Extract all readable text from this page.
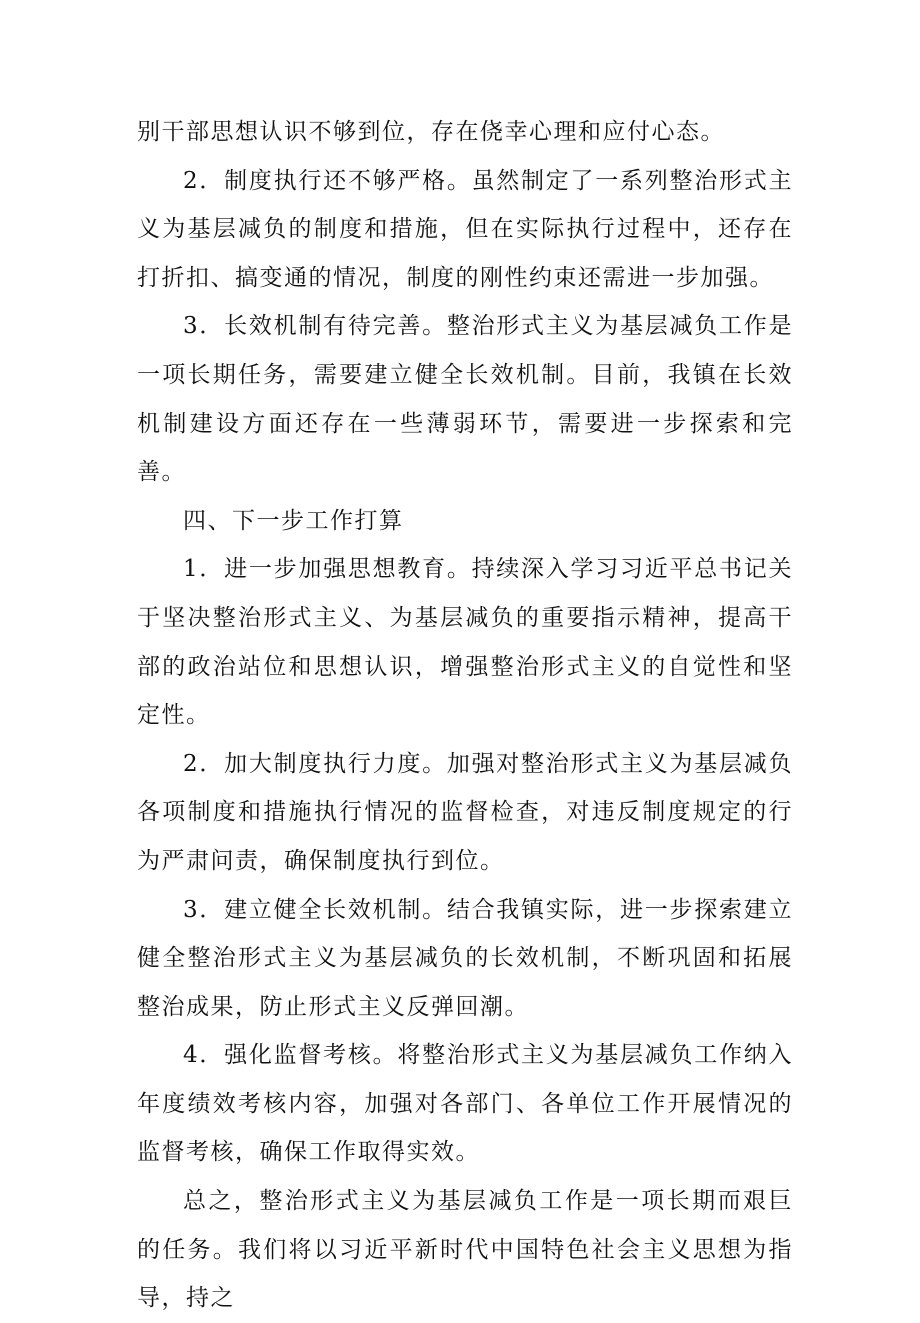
别干部思想认识不够到位，存在侥幸心理和应付心态。

2．制度执行还不够严格。虽然制定了一系列整治形式主义为基层减负的制度和措施，但在实际执行过程中，还存在打折扣、搞变通的情况，制度的刚性约束还需进一步加强。

3．长效机制有待完善。整治形式主义为基层减负工作是一项长期任务，需要建立健全长效机制。目前，我镇在长效机制建设方面还存在一些薄弱环节，需要进一步探索和完善。

四、下一步工作打算

1．进一步加强思想教育。持续深入学习习近平总书记关于坚决整治形式主义、为基层减负的重要指示精神，提高干部的政治站位和思想认识，增强整治形式主义的自觉性和坚定性。

2．加大制度执行力度。加强对整治形式主义为基层减负各项制度和措施执行情况的监督检查，对违反制度规定的行为严肃问责，确保制度执行到位。

3．建立健全长效机制。结合我镇实际，进一步探索建立健全整治形式主义为基层减负的长效机制，不断巩固和拓展整治成果，防止形式主义反弹回潮。

4．强化监督考核。将整治形式主义为基层减负工作纳入年度绩效考核内容，加强对各部门、各单位工作开展情况的监督考核，确保工作取得实效。

总之，整治形式主义为基层减负工作是一项长期而艰巨的任务。我们将以习近平新时代中国特色社会主义思想为指导，持之
